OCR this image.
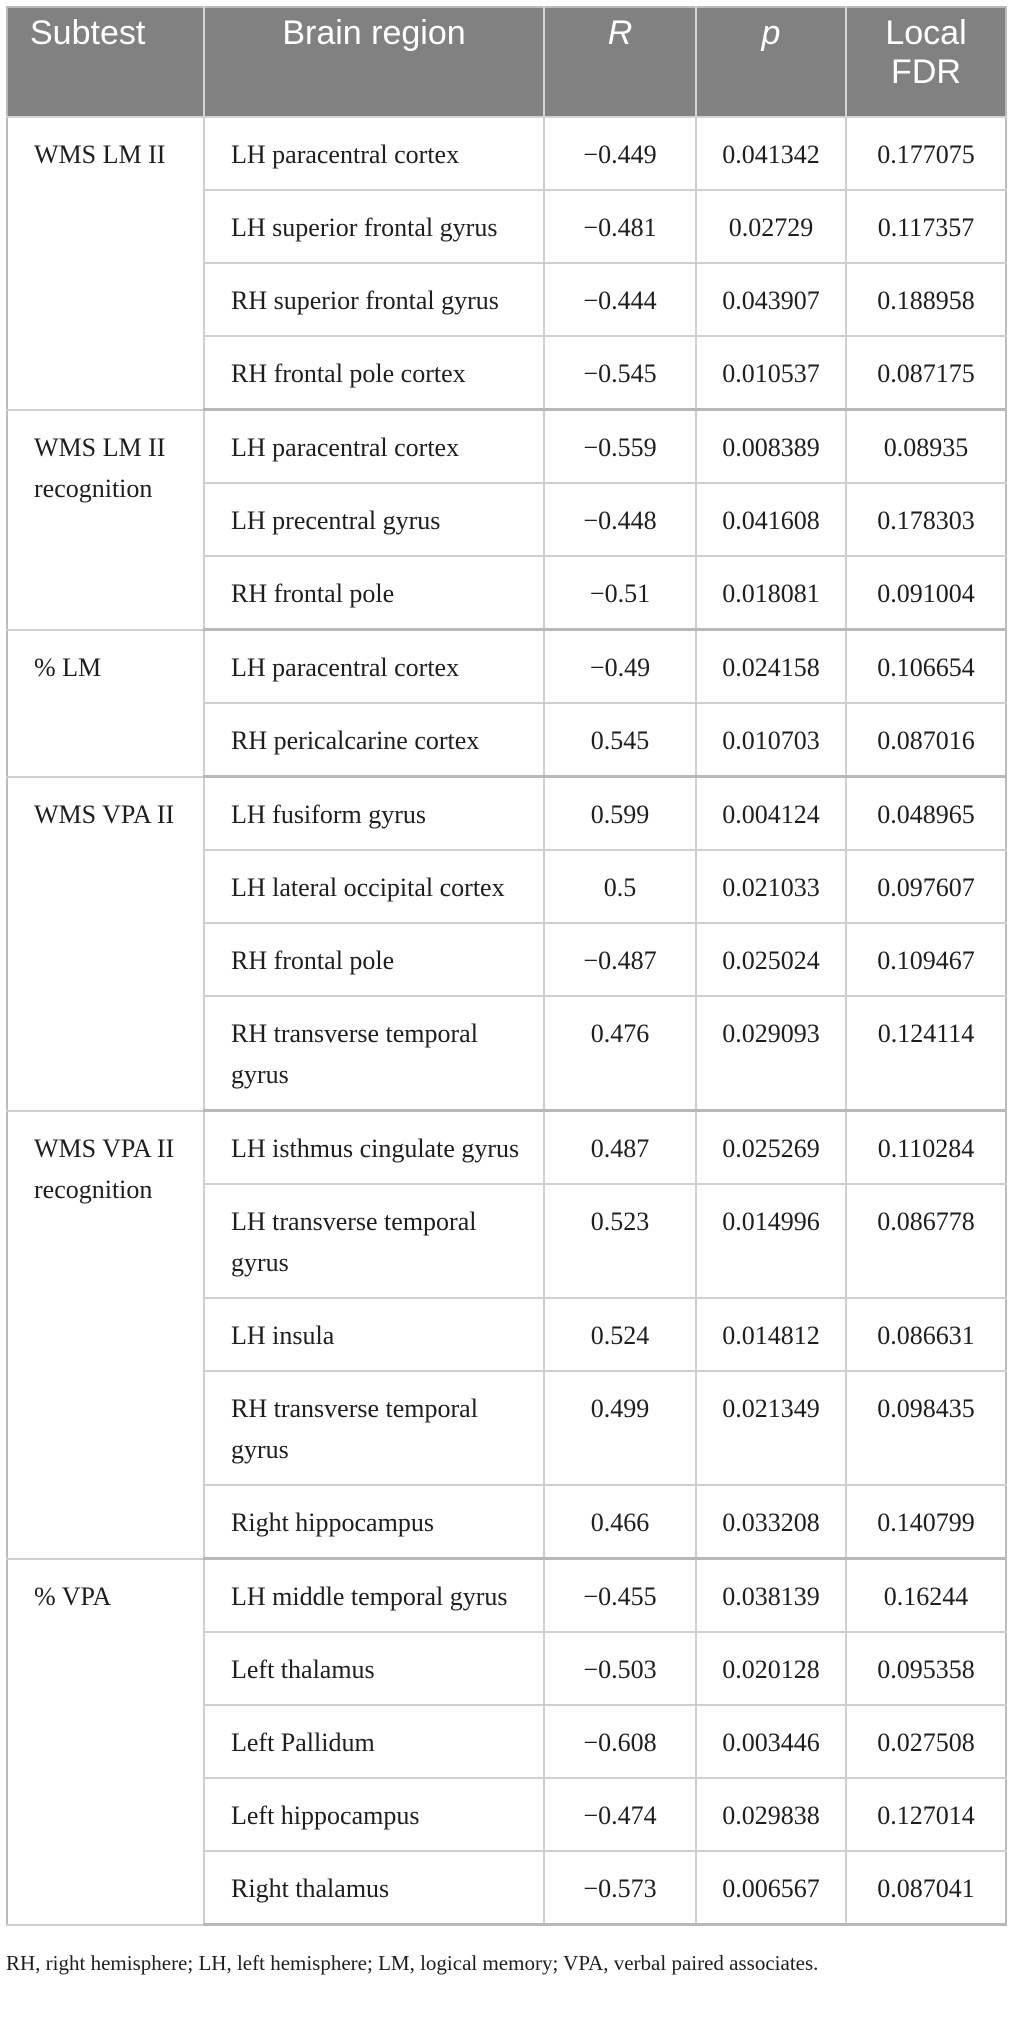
Subtest	Brain region	R	p	Local FDR
WMS LM II	LH paracentral cortex	−0.449	0.041342	0.177075
	LH superior frontal gyrus	−0.481	0.02729	0.117357
	RH superior frontal gyrus	−0.444	0.043907	0.188958
	RH frontal pole cortex	−0.545	0.010537	0.087175
WMS LM II recognition	LH paracentral cortex	−0.559	0.008389	0.08935
	LH precentral gyrus	−0.448	0.041608	0.178303
	RH frontal pole	−0.51	0.018081	0.091004
% LM	LH paracentral cortex	−0.49	0.024158	0.106654
	RH pericalcarine cortex	0.545	0.010703	0.087016
WMS VPA II	LH fusiform gyrus	0.599	0.004124	0.048965
	LH lateral occipital cortex	0.5	0.021033	0.097607
	RH frontal pole	−0.487	0.025024	0.109467
	RH transverse temporal gyrus	0.476	0.029093	0.124114
WMS VPA II recognition	LH isthmus cingulate gyrus	0.487	0.025269	0.110284
	LH transverse temporal gyrus	0.523	0.014996	0.086778
	LH insula	0.524	0.014812	0.086631
	RH transverse temporal gyrus	0.499	0.021349	0.098435
	Right hippocampus	0.466	0.033208	0.140799
% VPA	LH middle temporal gyrus	−0.455	0.038139	0.16244
	Left thalamus	−0.503	0.020128	0.095358
	Left Pallidum	−0.608	0.003446	0.027508
	Left hippocampus	−0.474	0.029838	0.127014
	Right thalamus	−0.573	0.006567	0.087041
RH, right hemisphere; LH, left hemisphere; LM, logical memory; VPA, verbal paired associates.
